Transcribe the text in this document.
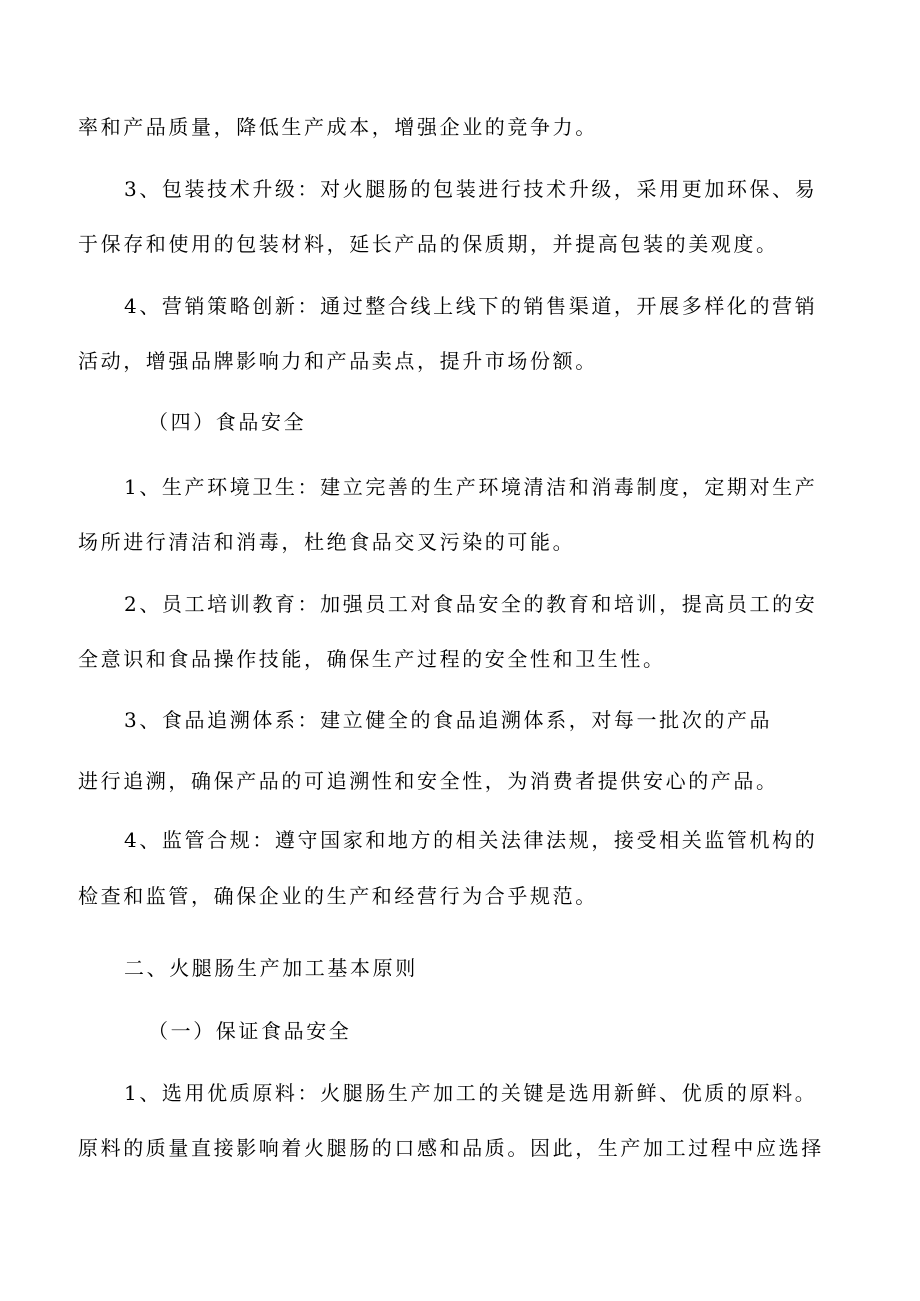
率和产品质量，降低生产成本，增强企业的竞争力。
3、包装技术升级：对火腿肠的包装进行技术升级，采用更加环保、易
于保存和使用的包装材料，延长产品的保质期，并提高包装的美观度。
4、营销策略创新：通过整合线上线下的销售渠道，开展多样化的营销
活动，增强品牌影响力和产品卖点，提升市场份额。
（四）食品安全
1、生产环境卫生：建立完善的生产环境清洁和消毒制度，定期对生产
场所进行清洁和消毒，杜绝食品交叉污染的可能。
2、员工培训教育：加强员工对食品安全的教育和培训，提高员工的安
全意识和食品操作技能，确保生产过程的安全性和卫生性。
3、食品追溯体系：建立健全的食品追溯体系，对每一批次的产品
进行追溯，确保产品的可追溯性和安全性，为消费者提供安心的产品。
4、监管合规：遵守国家和地方的相关法律法规，接受相关监管机构的
检查和监管，确保企业的生产和经营行为合乎规范。
二、火腿肠生产加工基本原则
（一）保证食品安全
1、选用优质原料：火腿肠生产加工的关键是选用新鲜、优质的原料。
原料的质量直接影响着火腿肠的口感和品质。因此，生产加工过程中应选择
